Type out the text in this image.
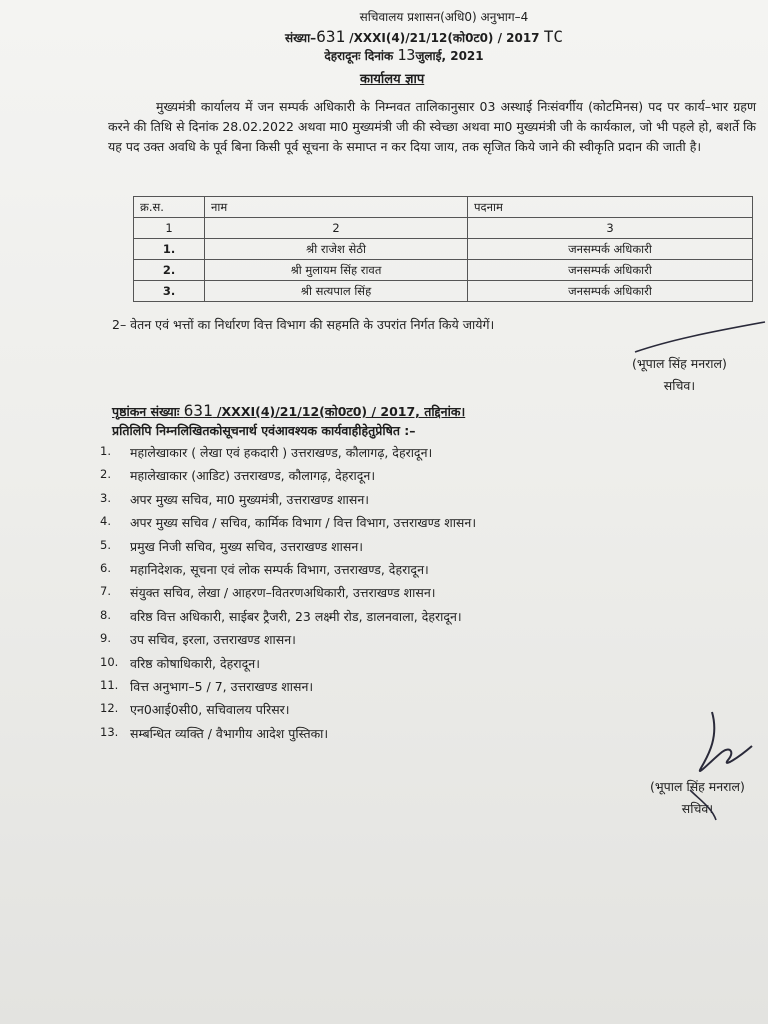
सचिवालय प्रशासन(अधि0) अनुभाग–4
संख्या–631 /XXXI(4)/21/12(को0ट0) / 2017 TC
देहरादूनः दिनांक 13जुलाई, 2021
कार्यालय ज्ञाप
मुख्यमंत्री कार्यालय में जन सम्पर्क अधिकारी के निम्नवत तालिकानुसार 03 अस्थाई निःसंवर्गीय (कोटमिनस) पद पर कार्य–भार ग्रहण करने की तिथि से दिनांक 28.02.2022 अथवा मा0 मुख्यमंत्री जी की स्वेच्छा अथवा मा0 मुख्यमंत्री जी के कार्यकाल, जो भी पहले हो, बशर्ते कि यह पद उक्त अवधि के पूर्व बिना किसी पूर्व सूचना के समाप्त न कर दिया जाय, तक सृजित किये जाने की स्वीकृति प्रदान की जाती है।
क्र.स.	नाम	पदनाम
1	2	3
1.	श्री राजेश सेठी	जनसम्पर्क अधिकारी
2.	श्री मुलायम सिंह रावत	जनसम्पर्क अधिकारी
3.	श्री सत्यपाल सिंह	जनसम्पर्क अधिकारी
2– वेतन एवं भत्तों का निर्धारण वित्त विभाग की सहमति के उपरांत निर्गत किये जायेगें।
(भूपाल सिंह मनराल)
सचिव।
पृष्ठांकन संख्याः 631 /XXXI(4)/21/12(को0ट0) / 2017, तद्दिनांक।
प्रतिलिपि निम्नलिखितकोसूचनार्थ एवंआवश्यक कार्यवाहीहेतुप्रेषित :–
1.	महालेखाकार ( लेखा एवं हकदारी ) उत्तराखण्ड, कौलागढ़, देहरादून।
2.	महालेखाकार (आडिट) उत्तराखण्ड, कौलागढ़, देहरादून।
3.	अपर मुख्य सचिव, मा0 मुख्यमंत्री, उत्तराखण्ड शासन।
4.	अपर मुख्य सचिव / सचिव, कार्मिक विभाग / वित्त विभाग, उत्तराखण्ड शासन।
5.	प्रमुख निजी सचिव, मुख्य सचिव, उत्तराखण्ड शासन।
6.	महानिदेशक, सूचना एवं लोक सम्पर्क विभाग, उत्तराखण्ड, देहरादून।
7.	संयुक्त सचिव, लेखा / आहरण–वितरणअधिकारी, उत्तराखण्ड शासन।
8.	वरिष्ठ वित्त अधिकारी, साईबर ट्रैजरी, 23 लक्ष्मी रोड, डालनवाला, देहरादून।
9.	उप सचिव, इरला, उत्तराखण्ड शासन।
10. वरिष्ठ कोषाधिकारी, देहरादून।
11. वित्त अनुभाग–5 / 7, उत्तराखण्ड शासन।
12. एन0आई0सी0, सचिवालय परिसर।
13. सम्बन्धित व्यक्ति / वैभागीय आदेश पुस्तिका।
(भूपाल सिंह मनराल)
सचिव।
